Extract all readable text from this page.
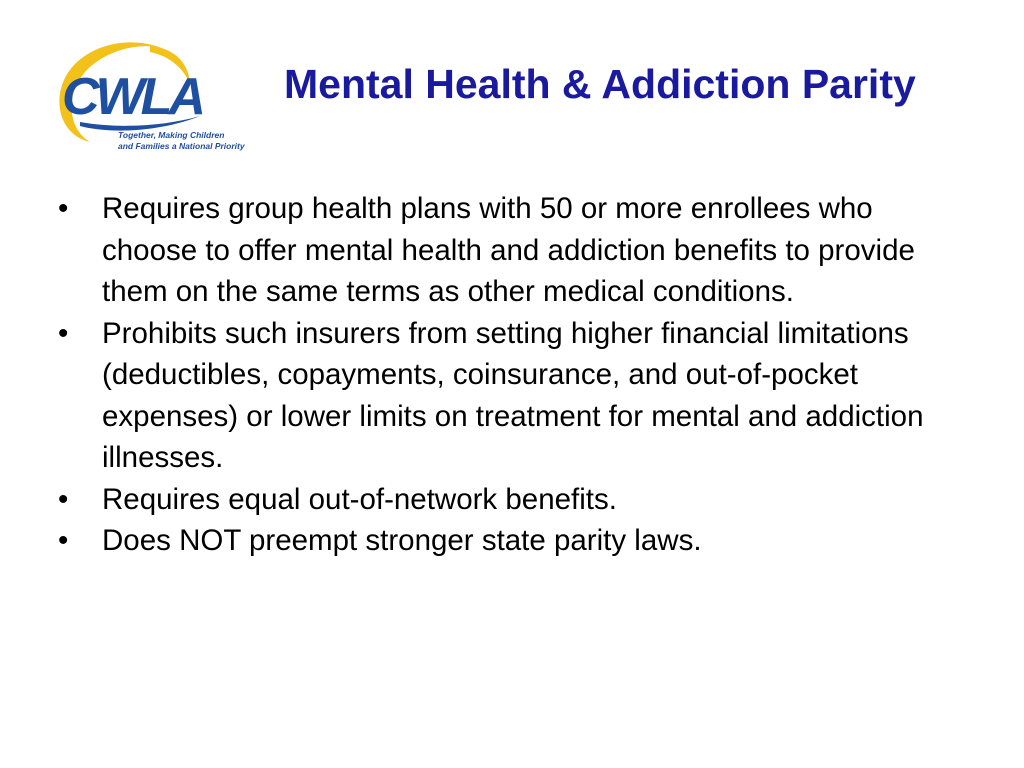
CWLA
Together, Making Children
and Families a National Priority
Mental Health & Addiction Parity
•	Requires group health plans with 50 or more enrollees who choose to offer mental health and addiction benefits to provide them on the same terms as other medical conditions.
•	Prohibits such insurers from setting higher financial limitations (deductibles, copayments, coinsurance, and out-of-pocket expenses) or lower limits on treatment for mental and addiction illnesses.
•	Requires equal out-of-network benefits.
•	Does NOT preempt stronger state parity laws.
